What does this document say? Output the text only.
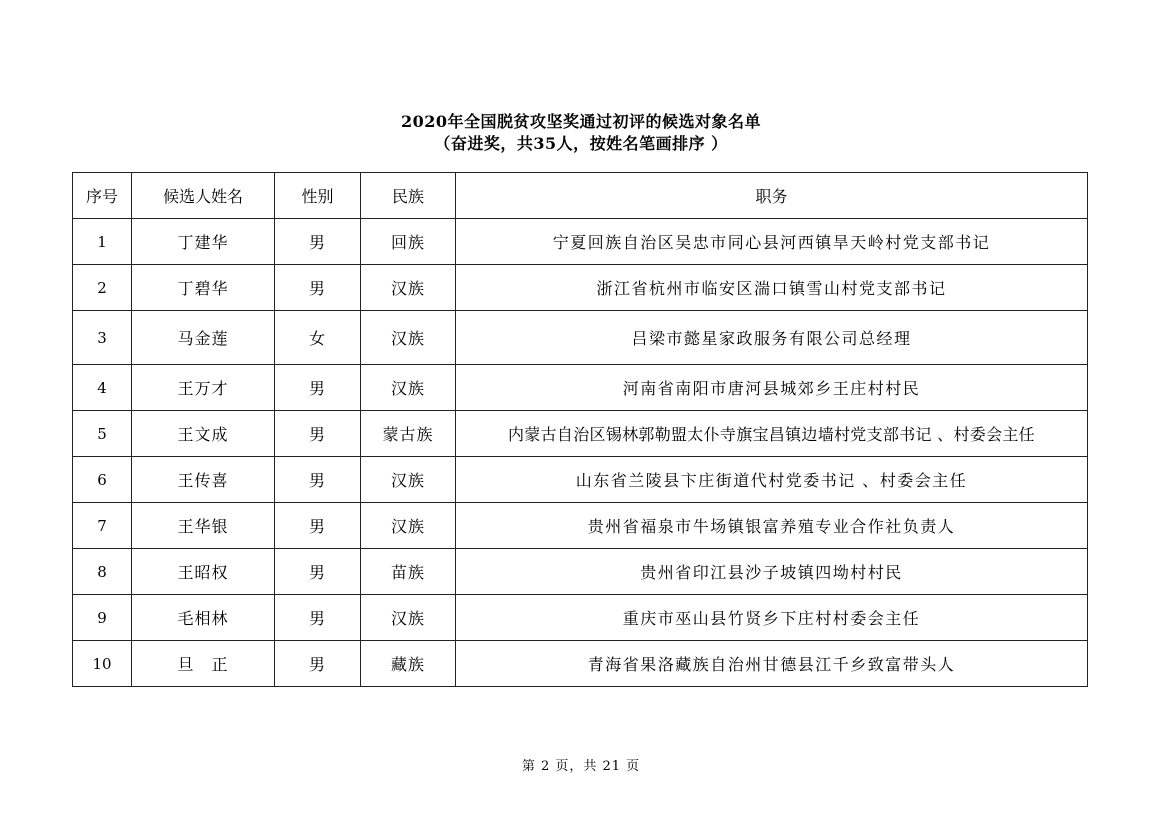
2020年全国脱贫攻坚奖通过初评的候选对象名单
（奋进奖，共35人，按姓名笔画排序 ）
序号	候选人姓名	性别	民族	职务
1	丁建华	男	回族	宁夏回族自治区吴忠市同心县河西镇旱天岭村党支部书记
2	丁碧华	男	汉族	浙江省杭州市临安区湍口镇雪山村党支部书记
3	马金莲	女	汉族	吕梁市懿星家政服务有限公司总经理
4	王万才	男	汉族	河南省南阳市唐河县城郊乡王庄村村民
5	王文成	男	蒙古族	内蒙古自治区锡林郭勒盟太仆寺旗宝昌镇边墙村党支部书记 、村委会主任
6	王传喜	男	汉族	山东省兰陵县卞庄街道代村党委书记 、村委会主任
7	王华银	男	汉族	贵州省福泉市牛场镇银富养殖专业合作社负责人
8	王昭权	男	苗族	贵州省印江县沙子坡镇四坳村村民
9	毛相林	男	汉族	重庆市巫山县竹贤乡下庄村村委会主任
10	旦　正	男	藏族	青海省果洛藏族自治州甘德县江千乡致富带头人
第 2 页，共 21 页
